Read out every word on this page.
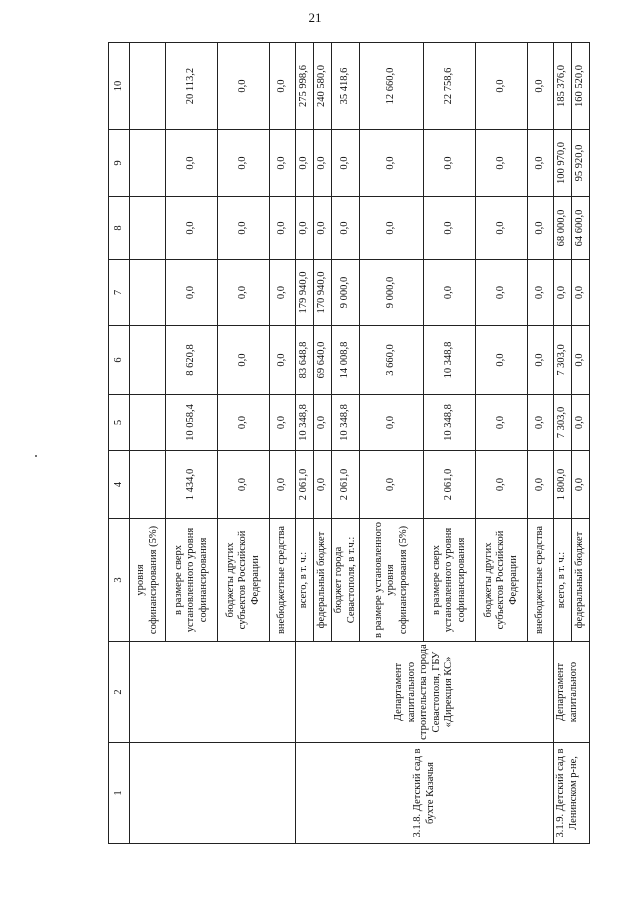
21
1	2	3	4	5	6	7	8	9	10
		уровня софинансирования (5%)							
		в размере сверх установленного уровня софинансирования	1 434,0	10 058,4	8 620,8	0,0	0,0	0,0	20 113,2
		бюджеты других субъектов Российской Федерации	0,0	0,0	0,0	0,0	0,0	0,0	0,0
		внебюджетные средства	0,0	0,0	0,0	0,0	0,0	0,0	0,0
3.1.8. Детский сад в бухте Казачья	Департамент капитального строительства города Севастополя, ГБУ «Дирекция КС»	всего, в т. ч.:	2 061,0	10 348,8	83 648,8	179 940,0	0,0	0,0	275 998,6
		федеральный бюджет	0,0	0,0	69 640,0	170 940,0	0,0	0,0	240 580,0
		бюджет города Севастополя, в т.ч.:	2 061,0	10 348,8	14 008,8	9 000,0	0,0	0,0	35 418,6
		в размере установленного уровня софинансирования (5%)	0,0	0,0	3 660,0	9 000,0	0,0	0,0	12 660,0
		в размере сверх установленного уровня софинансирования	2 061,0	10 348,8	10 348,8	0,0	0,0	0,0	22 758,6
		бюджеты других субъектов Российской Федерации	0,0	0,0	0,0	0,0	0,0	0,0	0,0
		внебюджетные средства	0,0	0,0	0,0	0,0	0,0	0,0	0,0
3.1.9. Детский сад в Ленинском р-не,	Департамент капитального	всего, в т. ч.:	1 800,0	7 303,0	7 303,0	0,0	68 000,0	100 970,0	185 376,0
		федеральный бюджет	0,0	0,0	0,0	0,0	64 600,0	95 920,0	160 520,0
